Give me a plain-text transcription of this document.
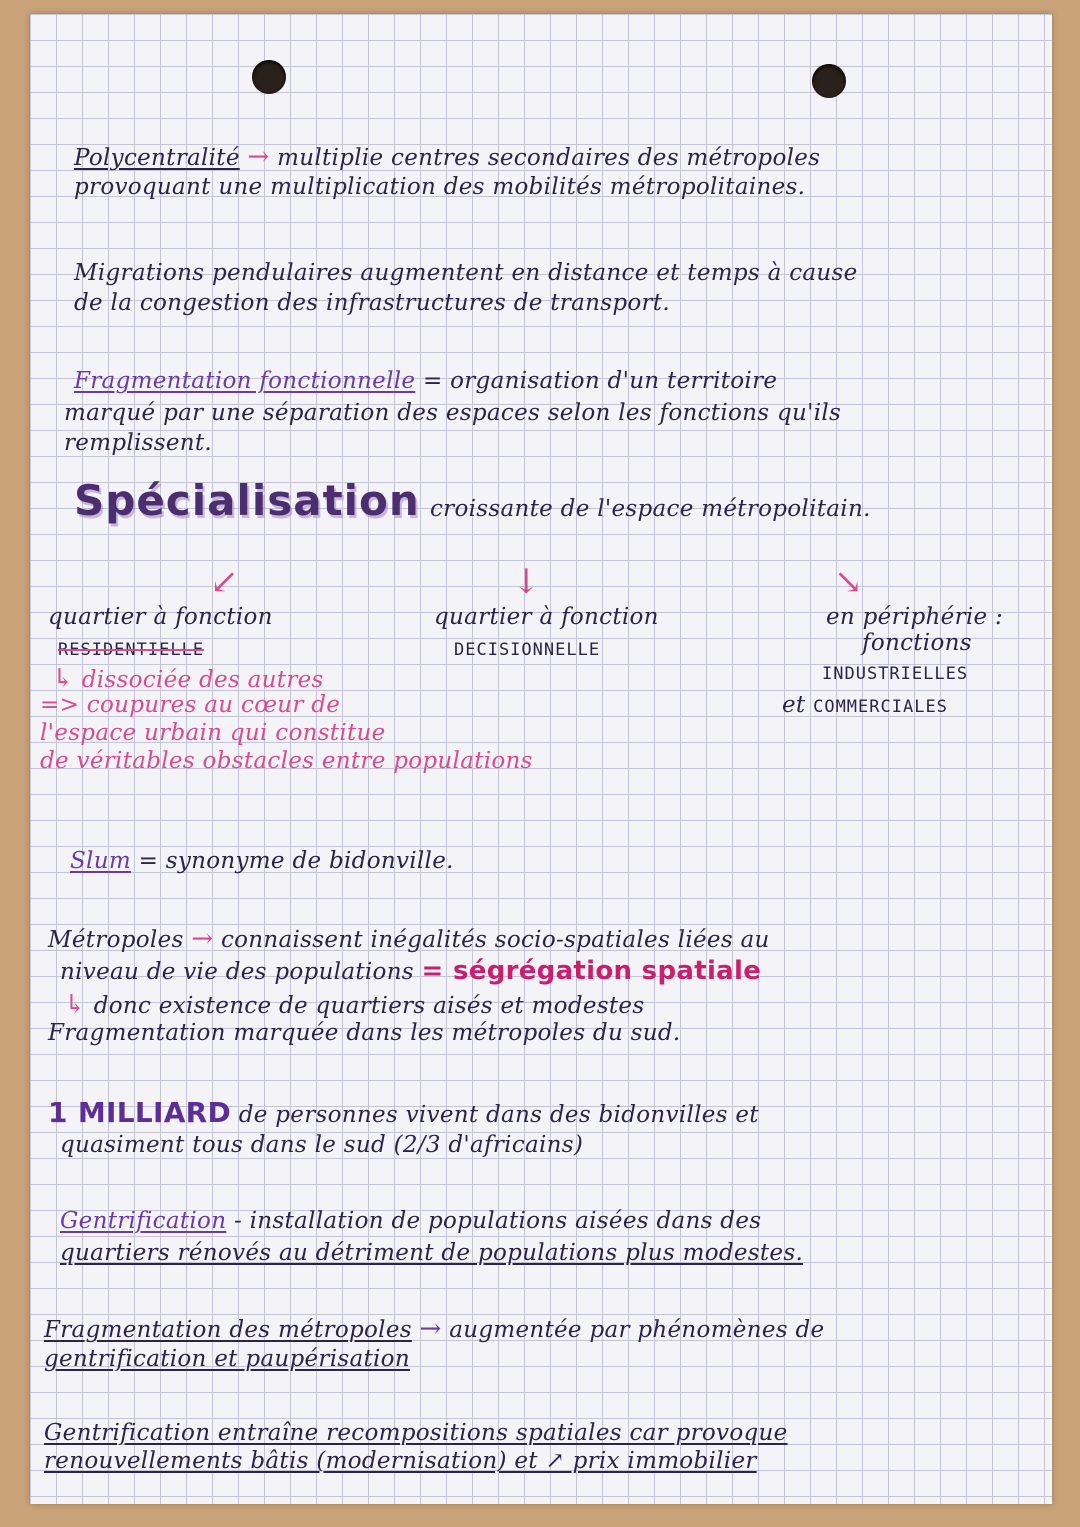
Polycentralité → multiplie centres secondaires des métropoles
provoquant une multiplication des mobilités métropolitaines.
Migrations pendulaires augmentent en distance et temps à cause
de la congestion des infrastructures de transport.
Fragmentation fonctionnelle = organisation d'un territoire
marqué par une séparation des espaces selon les fonctions qu'ils
remplissent.
Spécialisation croissante de l'espace métropolitain.
↙	↓	↘
quartier à fonction
RESIDENTIELLE
↳ dissociée des autres
=> coupures au cœur de
l'espace urbain qui constitue
de véritables obstacles entre populations
quartier à fonction
DECISIONNELLE
en périphérie :
fonctions
INDUSTRIELLES
et COMMERCIALES
Slum = synonyme de bidonville.
Métropoles → connaissent inégalités socio-spatiales liées au
niveau de vie des populations = ségrégation spatiale
↳ donc existence de quartiers aisés et modestes
Fragmentation marquée dans les métropoles du sud.
1 MILLIARD de personnes vivent dans des bidonvilles et
quasiment tous dans le sud (2/3 d'africains)
Gentrification - installation de populations aisées dans des
quartiers rénovés au détriment de populations plus modestes.
Fragmentation des métropoles → augmentée par phénomènes de
gentrification et paupérisation
Gentrification entraîne recompositions spatiales car provoque
renouvellements bâtis (modernisation) et ↗ prix immobilier
